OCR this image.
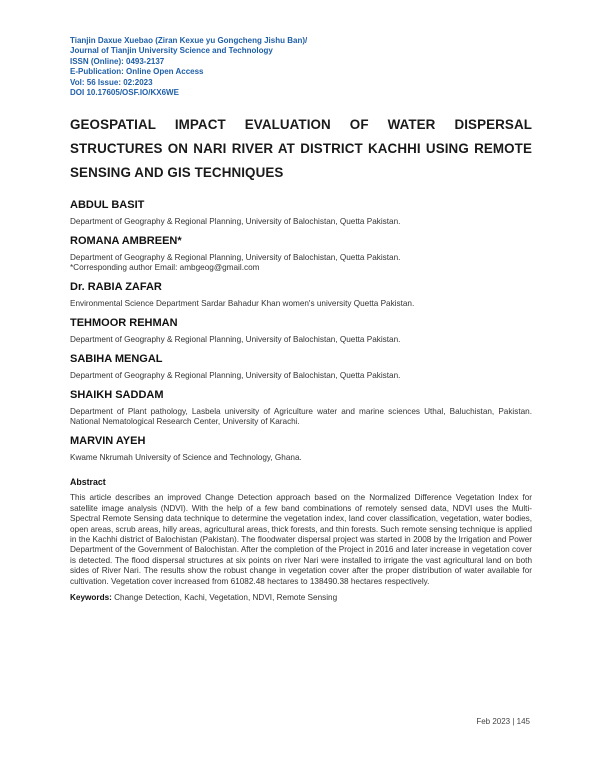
Tianjin Daxue Xuebao (Ziran Kexue yu Gongcheng Jishu Ban)/
Journal of Tianjin University Science and Technology
ISSN (Online): 0493-2137
E-Publication: Online Open Access
Vol: 56 Issue: 02:2023
DOI 10.17605/OSF.IO/KX6WE
GEOSPATIAL IMPACT EVALUATION OF WATER DISPERSAL STRUCTURES ON NARI RIVER AT DISTRICT KACHHI USING REMOTE SENSING AND GIS TECHNIQUES
ABDUL BASIT
Department of Geography & Regional Planning, University of Balochistan, Quetta Pakistan.
ROMANA AMBREEN*
Department of Geography & Regional Planning, University of Balochistan, Quetta Pakistan.
*Corresponding author Email: ambgeog@gmail.com
Dr. RABIA ZAFAR
Environmental Science Department Sardar Bahadur Khan women's university Quetta Pakistan.
TEHMOOR REHMAN
Department of Geography & Regional Planning, University of Balochistan, Quetta Pakistan.
SABIHA MENGAL
Department of Geography & Regional Planning, University of Balochistan, Quetta Pakistan.
SHAIKH SADDAM
Department of Plant pathology, Lasbela university of Agriculture water and marine sciences Uthal, Baluchistan, Pakistan. National Nematological Research Center, University of Karachi.
MARVIN AYEH
Kwame Nkrumah University of Science and Technology, Ghana.
Abstract
This article describes an improved Change Detection approach based on the Normalized Difference Vegetation Index for satellite image analysis (NDVI). With the help of a few band combinations of remotely sensed data, NDVI uses the Multi-Spectral Remote Sensing data technique to determine the vegetation index, land cover classification, vegetation, water bodies, open areas, scrub areas, hilly areas, agricultural areas, thick forests, and thin forests. Such remote sensing technique is applied in the Kachhi district of Balochistan (Pakistan). The floodwater dispersal project was started in 2008 by the Irrigation and Power Department of the Government of Balochistan. After the completion of the Project in 2016 and later increase in vegetation cover is detected. The flood dispersal structures at six points on river Nari were installed to irrigate the vast agricultural land on both sides of River Nari. The results show the robust change in vegetation cover after the proper distribution of water available for cultivation. Vegetation cover increased from 61082.48 hectares to 138490.38 hectares respectively.
Keywords: Change Detection, Kachi, Vegetation, NDVI, Remote Sensing
Feb 2023 | 145
